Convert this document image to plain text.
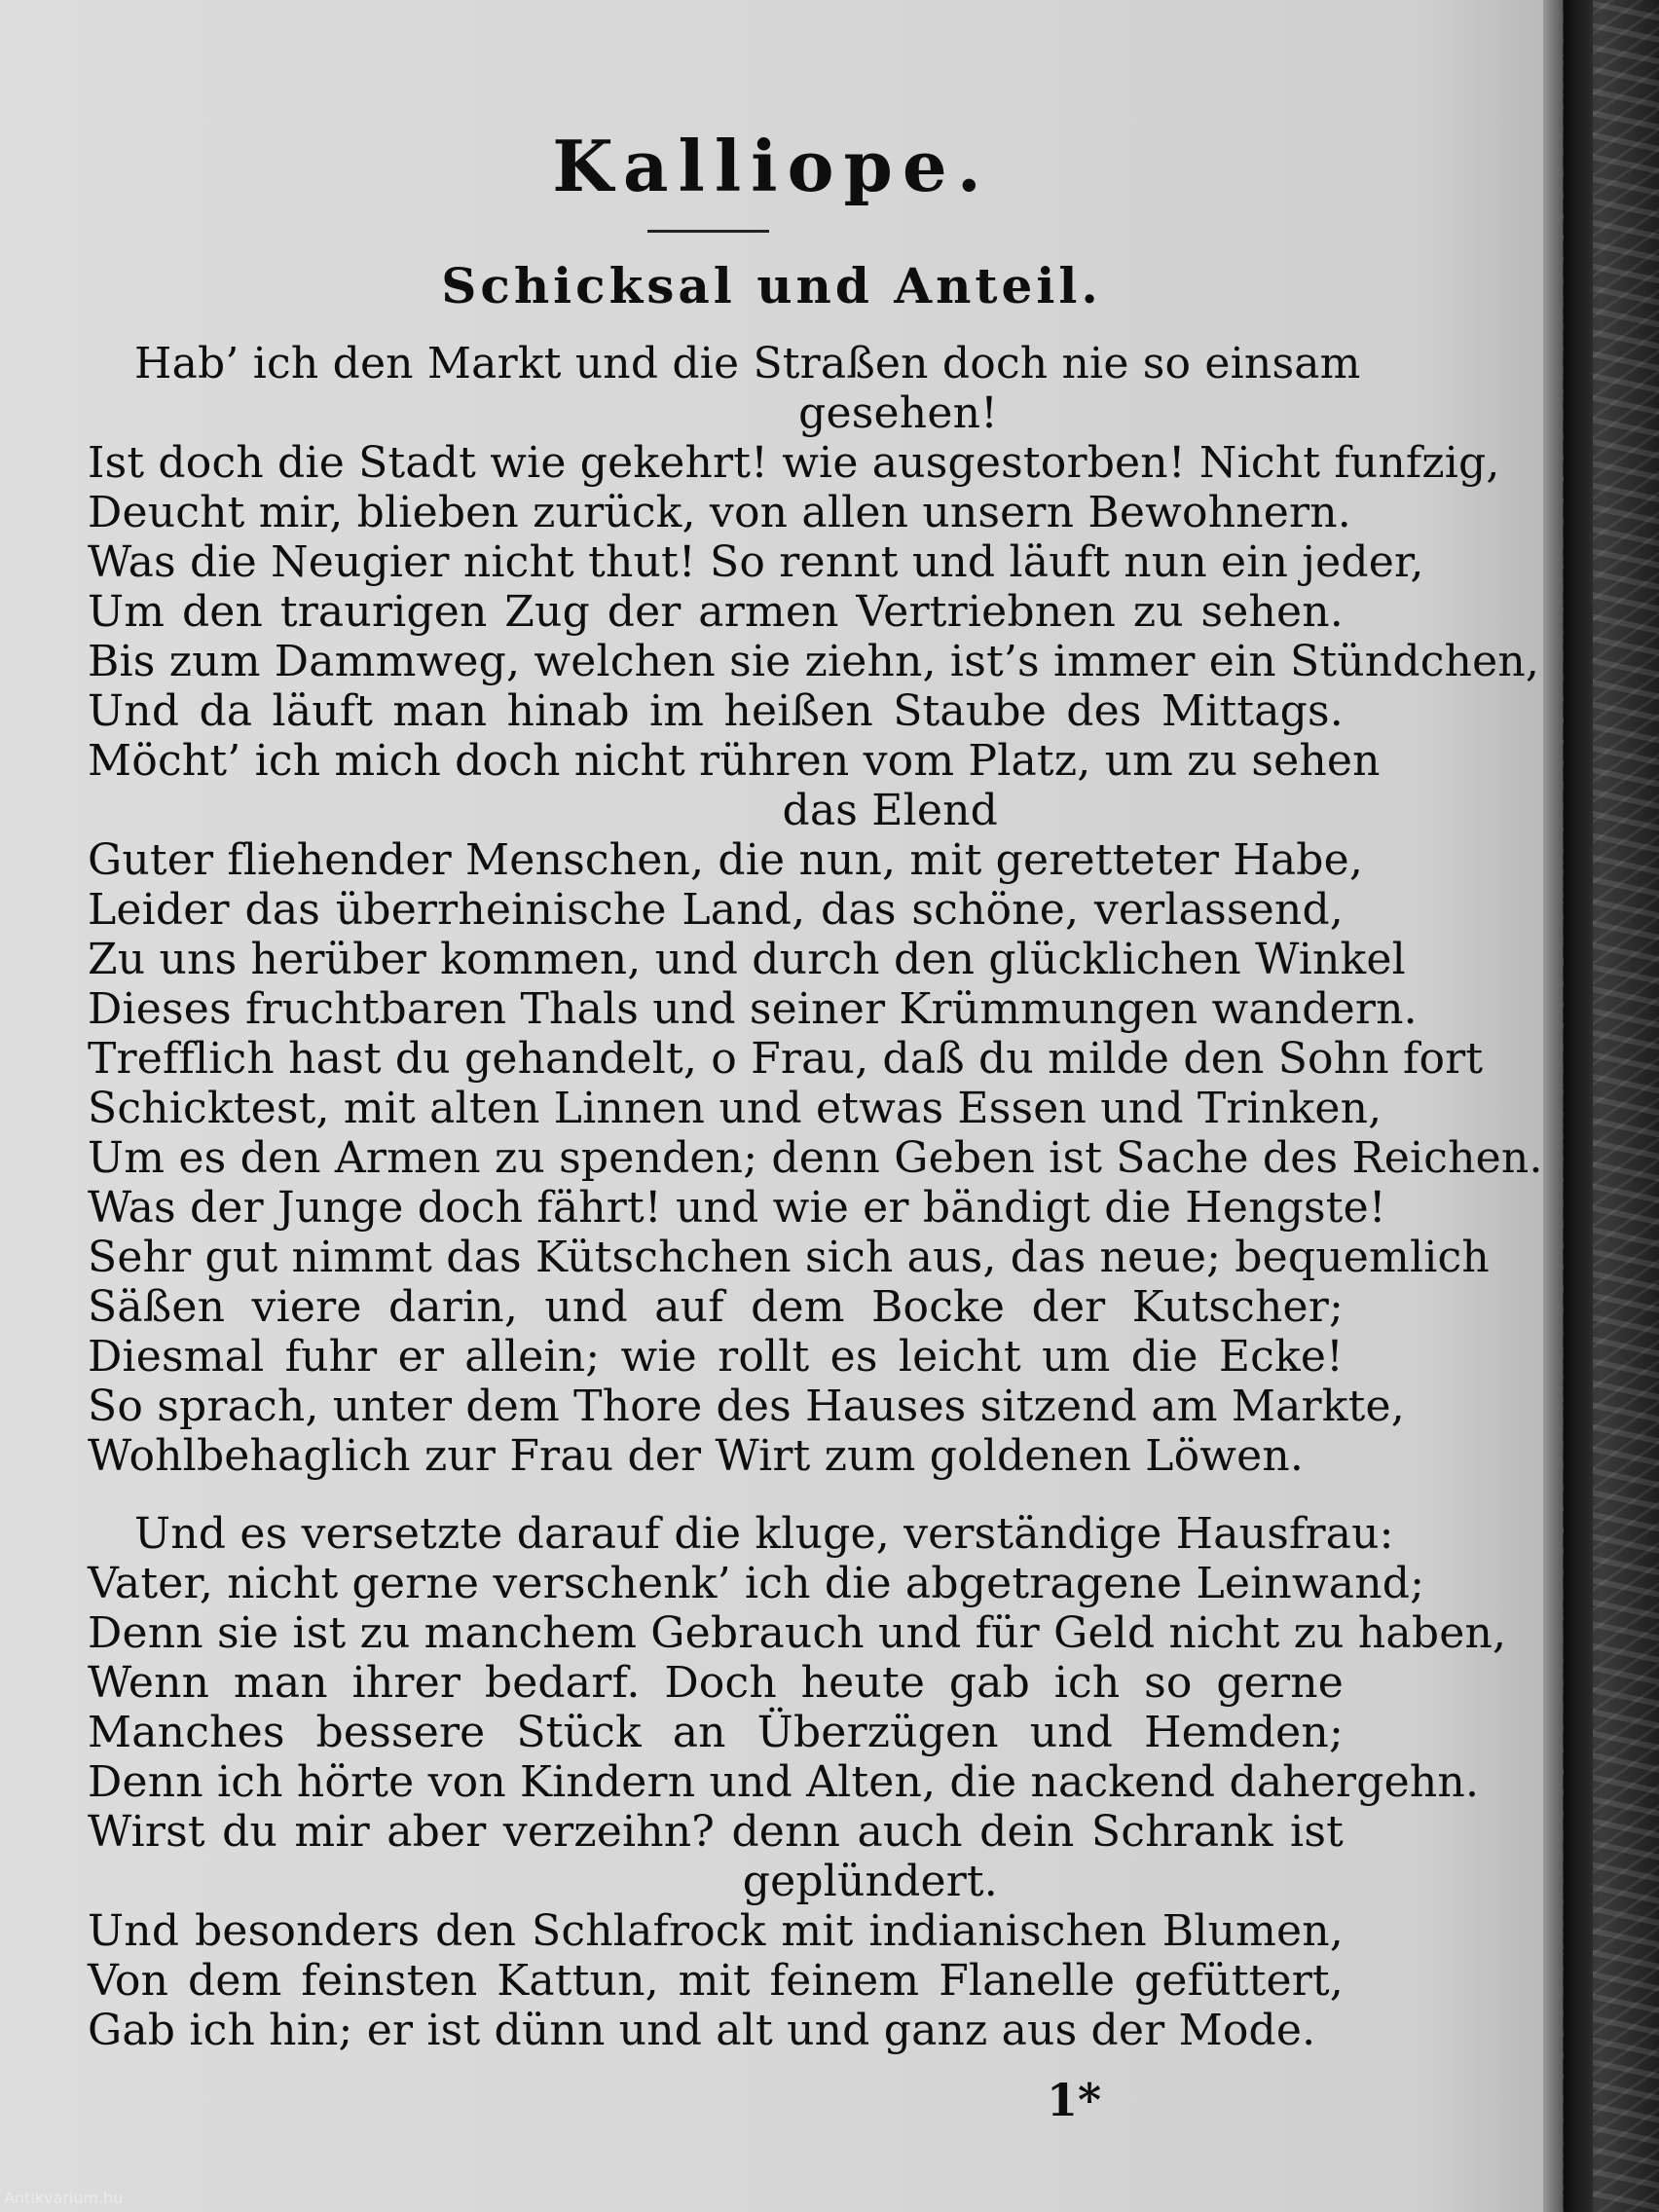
Kalliope.
Schicksal und Anteil.
Hab’ ich den Markt und die Straßen doch nie so einsam
gesehen!
Ist doch die Stadt wie gekehrt! wie ausgestorben! Nicht funfzig,
Deucht mir, blieben zurück, von allen unsern Bewohnern.
Was die Neugier nicht thut! So rennt und läuft nun ein jeder,
Um den traurigen Zug der armen Vertriebnen zu sehen.
Bis zum Dammweg, welchen sie ziehn, ist’s immer ein Stündchen,
Und da läuft man hinab im heißen Staube des Mittags.
Möcht’ ich mich doch nicht rühren vom Platz, um zu sehen
das Elend
Guter fliehender Menschen, die nun, mit geretteter Habe,
Leider das überrheinische Land, das schöne, verlassend,
Zu uns herüber kommen, und durch den glücklichen Winkel
Dieses fruchtbaren Thals und seiner Krümmungen wandern.
Trefflich hast du gehandelt, o Frau, daß du milde den Sohn fort
Schicktest, mit alten Linnen und etwas Essen und Trinken,
Um es den Armen zu spenden; denn Geben ist Sache des Reichen.
Was der Junge doch fährt! und wie er bändigt die Hengste!
Sehr gut nimmt das Kütschchen sich aus, das neue; bequemlich
Säßen viere darin, und auf dem Bocke der Kutscher;
Diesmal fuhr er allein; wie rollt es leicht um die Ecke!
So sprach, unter dem Thore des Hauses sitzend am Markte,
Wohlbehaglich zur Frau der Wirt zum goldenen Löwen.
Und es versetzte darauf die kluge, verständige Hausfrau:
Vater, nicht gerne verschenk’ ich die abgetragene Leinwand;
Denn sie ist zu manchem Gebrauch und für Geld nicht zu haben,
Wenn man ihrer bedarf. Doch heute gab ich so gerne
Manches bessere Stück an Überzügen und Hemden;
Denn ich hörte von Kindern und Alten, die nackend dahergehn.
Wirst du mir aber verzeihn? denn auch dein Schrank ist
geplündert.
Und besonders den Schlafrock mit indianischen Blumen,
Von dem feinsten Kattun, mit feinem Flanelle gefüttert,
Gab ich hin; er ist dünn und alt und ganz aus der Mode.
1*
Antikvarium.hu
